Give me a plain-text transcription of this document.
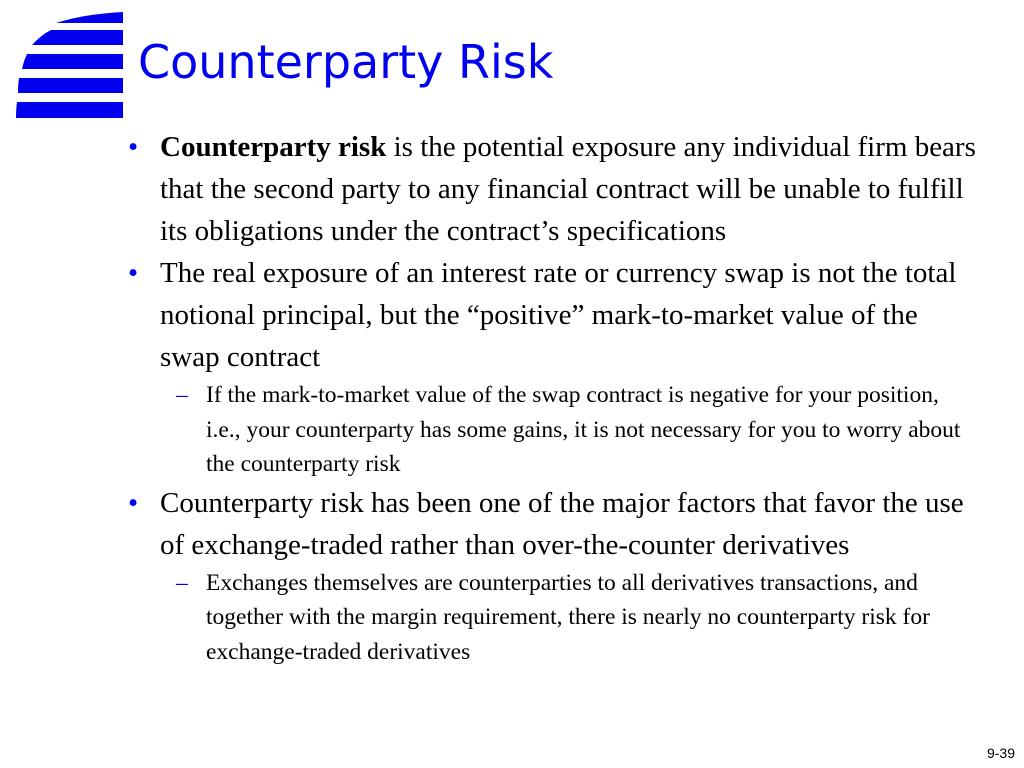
Counterparty Risk

• Counterparty risk is the potential exposure any individual firm bears that the second party to any financial contract will be unable to fulfill its obligations under the contract’s specifications

• The real exposure of an interest rate or currency swap is not the total notional principal, but the “positive” mark-to-market value of the swap contract

– If the mark-to-market value of the swap contract is negative for your position, i.e., your counterparty has some gains, it is not necessary for you to worry about the counterparty risk

• Counterparty risk has been one of the major factors that favor the use of exchange-traded rather than over-the-counter derivatives

– Exchanges themselves are counterparties to all derivatives transactions, and together with the margin requirement, there is nearly no counterparty risk for exchange-traded derivatives

9-39
